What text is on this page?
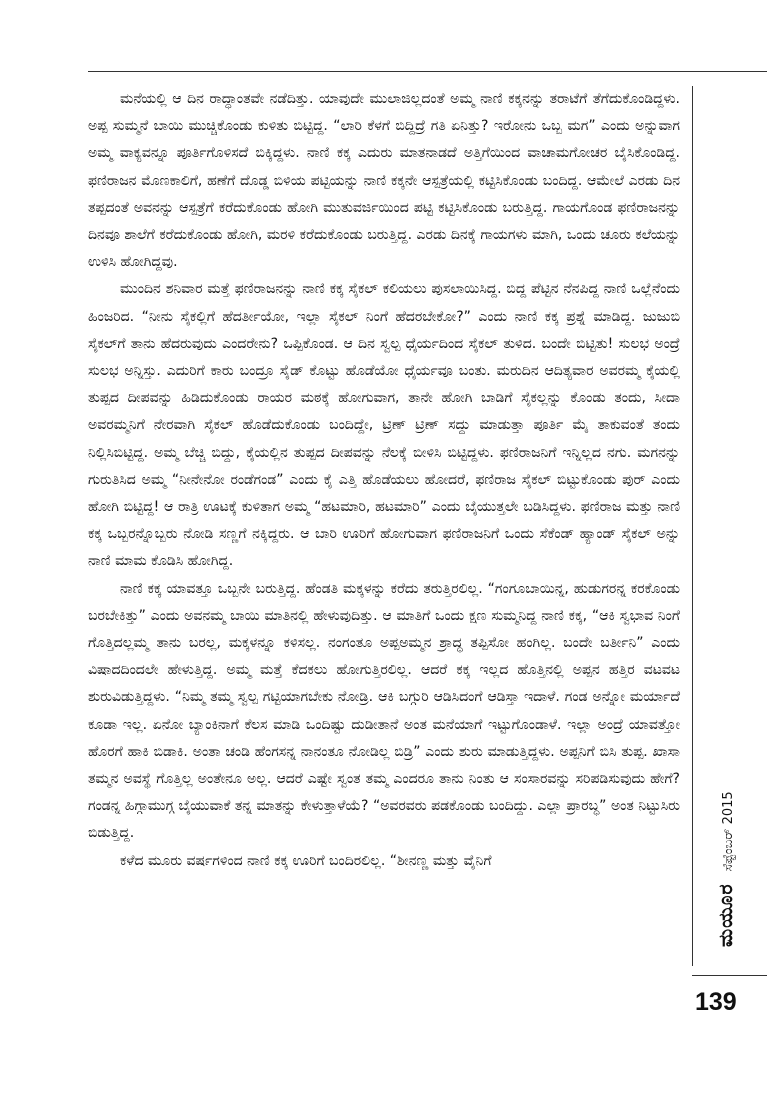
ಮನೆಯಲ್ಲಿ ಆ ದಿನ ರಾದ್ಧಾಂತವೇ ನಡೆದಿತ್ತು. ಯಾವುದೇ ಮುಲಾಜಿಲ್ಲದಂತೆ ಅಮ್ಮ ನಾಣಿ ಕಕ್ಕನನ್ನು ತರಾಟೆಗೆ ತೆಗೆದುಕೊಂಡಿದ್ದಳು. ಅಪ್ಪ ಸುಮ್ಮನೆ ಬಾಯಿ ಮುಚ್ಚಿಕೊಂಡು ಕುಳಿತು ಬಿಟ್ಟಿದ್ದ. “ಲಾರಿ ಕೆಳಗೆ ಬಿದ್ದಿದ್ರೆ ಗತಿ ಏನಿತ್ತು? ಇರೋನು ಒಬ್ಬ ಮಗ” ಎಂದು ಅನ್ನುವಾಗ ಅಮ್ಮ ವಾಕ್ಯವನ್ನೂ ಪೂರ್ತಿಗೊಳಿಸದೆ ಬಿಕ್ಕಿದ್ದಳು. ನಾಣಿ ಕಕ್ಕ ಎದುರು ಮಾತನಾಡದೆ ಅತ್ತಿಗೆಯಿಂದ ವಾಚಾಮಗೋಚರ ಬೈಸಿಕೊಂಡಿದ್ದ. ಫಣಿರಾಜನ ಮೊಣಕಾಲಿಗೆ, ಹಣೆಗೆ ದೊಡ್ಡ ಬಿಳಿಯ ಪಟ್ಟಿಯನ್ನು ನಾಣಿ ಕಕ್ಕನೇ ಆಸ್ಪತ್ರೆಯಲ್ಲಿ ಕಟ್ಟಿಸಿಕೊಂಡು ಬಂದಿದ್ದ. ಆಮೇಲೆ ಎರಡು ದಿನ ತಪ್ಪದಂತೆ ಅವನನ್ನು ಆಸ್ಪತ್ರೆಗೆ ಕರೆದುಕೊಂಡು ಹೋಗಿ ಮುತುವರ್ಜಿಯಿಂದ ಪಟ್ಟಿ ಕಟ್ಟಿಸಿಕೊಂಡು ಬರುತ್ತಿದ್ದ. ಗಾಯಗೊಂಡ ಫಣಿರಾಜನನ್ನು ದಿನವೂ ಶಾಲೆಗೆ ಕರೆದುಕೊಂಡು ಹೋಗಿ, ಮರಳಿ ಕರೆದುಕೊಂಡು ಬರುತ್ತಿದ್ದ. ಎರಡು ದಿನಕ್ಕೆ ಗಾಯಗಳು ಮಾಗಿ, ಒಂದು ಚೂರು ಕಲೆಯನ್ನು ಉಳಿಸಿ ಹೋಗಿದ್ದವು.

ಮುಂದಿನ ಶನಿವಾರ ಮತ್ತೆ ಫಣಿರಾಜನನ್ನು ನಾಣಿ ಕಕ್ಕ ಸೈಕಲ್ ಕಲಿಯಲು ಪುಸಲಾಯಿಸಿದ್ದ. ಬಿದ್ದ ಪೆಟ್ಟಿನ ನೆನಪಿದ್ದ ನಾಣಿ ಒಲ್ಲೆನೆಂದು ಹಿಂಜರಿದ. “ನೀನು ಸೈಕಲ್ಲಿಗೆ ಹೆದರ್ತೀಯೋ, ಇಲ್ಲಾ ಸೈಕಲ್ ನಿಂಗೆ ಹೆದರಬೇಕೋ?” ಎಂದು ನಾಣಿ ಕಕ್ಕ ಪ್ರಶ್ನೆ ಮಾಡಿದ್ದ. ಜುಜುಬಿ ಸೈಕಲ್‌ಗೆ ತಾನು ಹೆದರುವುದು ಎಂದರೇನು? ಒಪ್ಪಿಕೊಂಡ. ಆ ದಿನ ಸ್ವಲ್ಪ ಧೈರ್ಯದಿಂದ ಸೈಕಲ್ ತುಳಿದ. ಬಂದೇ ಬಿಟ್ಟಿತು! ಸುಲಭ ಅಂದ್ರೆ ಸುಲಭ ಅನ್ನಿಸ್ತು. ಎದುರಿಗೆ ಕಾರು ಬಂದ್ರೂ ಸೈಡ್ ಕೊಟ್ಟು ಹೊಡೆಯೋ ಧೈರ್ಯವೂ ಬಂತು. ಮರುದಿನ ಆದಿತ್ಯವಾರ ಅವರಮ್ಮ ಕೈಯಲ್ಲಿ ತುಪ್ಪದ ದೀಪವನ್ನು ಹಿಡಿದುಕೊಂಡು ರಾಯರ ಮಠಕ್ಕೆ ಹೋಗುವಾಗ, ತಾನೇ ಹೋಗಿ ಬಾಡಿಗೆ ಸೈಕಲ್ಲನ್ನು ಕೊಂಡು ತಂದು, ಸೀದಾ ಅವರಮ್ಮನಿಗೆ ನೇರವಾಗಿ ಸೈಕಲ್ ಹೊಡೆದುಕೊಂಡು ಬಂದಿದ್ದೇ, ಟ್ರಿಣ್ ಟ್ರಿಣ್ ಸದ್ದು ಮಾಡುತ್ತಾ ಪೂರ್ತಿ ಮೈ ತಾಕುವಂತೆ ತಂದು ನಿಲ್ಲಿಸಿಬಿಟ್ಟಿದ್ದ. ಅಮ್ಮ ಬೆಚ್ಚಿ ಬಿದ್ದು, ಕೈಯಲ್ಲಿನ ತುಪ್ಪದ ದೀಪವನ್ನು ನೆಲಕ್ಕೆ ಬೀಳಿಸಿ ಬಿಟ್ಟಿದ್ದಳು. ಫಣಿರಾಜನಿಗೆ ಇನ್ನಿಲ್ಲದ ನಗು. ಮಗನನ್ನು ಗುರುತಿಸಿದ ಅಮ್ಮ “ನೀನೇನೋ ರಂಡೆಗಂಡ” ಎಂದು ಕೈ ಎತ್ತಿ ಹೊಡೆಯಲು ಹೋದರೆ, ಫಣಿರಾಜ ಸೈಕಲ್ ಬಿಟ್ಟುಕೊಂಡು ಪುರ್ ಎಂದು ಹೋಗಿ ಬಿಟ್ಟಿದ್ದ! ಆ ರಾತ್ರಿ ಊಟಕ್ಕೆ ಕುಳಿತಾಗ ಅಮ್ಮ “ಹಟಮಾರಿ, ಹಟಮಾರಿ” ಎಂದು ಬೈಯುತ್ತಲೇ ಬಡಿಸಿದ್ದಳು. ಫಣಿರಾಜ ಮತ್ತು ನಾಣಿ ಕಕ್ಕ ಒಬ್ಬರನ್ನೊಬ್ಬರು ನೋಡಿ ಸಣ್ಣಗೆ ನಕ್ಕಿದ್ದರು. ಆ ಬಾರಿ ಊರಿಗೆ ಹೋಗುವಾಗ ಫಣಿರಾಜನಿಗೆ ಒಂದು ಸೆಕೆಂಡ್ ಹ್ಯಾಂಡ್ ಸೈಕಲ್ ಅನ್ನು ನಾಣಿ ಮಾಮ ಕೊಡಿಸಿ ಹೋಗಿದ್ದ.

ನಾಣಿ ಕಕ್ಕ ಯಾವತ್ತೂ ಒಬ್ಬನೇ ಬರುತ್ತಿದ್ದ. ಹೆಂಡತಿ ಮಕ್ಕಳನ್ನು ಕರೆದು ತರುತ್ತಿರಲಿಲ್ಲ. “ಗಂಗೂಬಾಯಿನ್ನ, ಹುಡುಗರನ್ನ ಕರಕೊಂಡು ಬರಬೇಕಿತ್ತು” ಎಂದು ಅವನಮ್ಮ ಬಾಯಿ ಮಾತಿನಲ್ಲಿ ಹೇಳುವುದಿತ್ತು. ಆ ಮಾತಿಗೆ ಒಂದು ಕ್ಷಣ ಸುಮ್ಮನಿದ್ದ ನಾಣಿ ಕಕ್ಕ, “ಆಕಿ ಸ್ವಭಾವ ನಿಂಗೆ ಗೊತ್ತಿದಲ್ಲಮ್ಮ ತಾನು ಬರಲ್ಲ, ಮಕ್ಕಳನ್ನೂ ಕಳಿಸಲ್ಲ. ನಂಗಂತೂ ಅಪ್ಪಅಮ್ಮನ ಶ್ರಾದ್ಧ ತಪ್ಪಿಸೋ ಹಂಗಿಲ್ಲ. ಬಂದೇ ಬರ್ತೀನಿ” ಎಂದು ವಿಷಾದದಿಂದಲೇ ಹೇಳುತ್ತಿದ್ದ. ಅಮ್ಮ ಮತ್ತೆ ಕೆದಕಲು ಹೋಗುತ್ತಿರಲಿಲ್ಲ. ಆದರೆ ಕಕ್ಕ ಇಲ್ಲದ ಹೊತ್ತಿನಲ್ಲಿ ಅಪ್ಪನ ಹತ್ತಿರ ವಟವಟ ಶುರುವಿಡುತ್ತಿದ್ದಳು. “ನಿಮ್ಮ ತಮ್ಮ ಸ್ವಲ್ಪ ಗಟ್ಟಿಯಾಗಬೇಕು ನೋಡ್ರಿ. ಆಕಿ ಬಗ್ಗುರಿ ಆಡಿಸಿದಂಗೆ ಆಡಿಸ್ತಾ ಇದಾಳೆ. ಗಂಡ ಅನ್ನೋ ಮರ್ಯಾದೆ ಕೂಡಾ ಇಲ್ಲ. ಏನೋ ಬ್ಯಾಂಕಿನಾಗೆ ಕೆಲಸ ಮಾಡಿ ಒಂದಿಷ್ಟು ದುಡೀತಾನೆ ಅಂತ ಮನೆಯಾಗೆ ಇಟ್ಟುಗೊಂಡಾಳೆ. ಇಲ್ಲಾ ಅಂದ್ರೆ ಯಾವತ್ತೋ ಹೊರಗೆ ಹಾಕಿ ಬಿಡಾಕಿ. ಅಂತಾ ಚಂಡಿ ಹೆಂಗಸನ್ನ ನಾನಂತೂ ನೋಡಿಲ್ಲ ಬಿಡ್ರಿ” ಎಂದು ಶುರು ಮಾಡುತ್ತಿದ್ದಳು. ಅಪ್ಪನಿಗೆ ಬಿಸಿ ತುಪ್ಪ. ಖಾಸಾ ತಮ್ಮನ ಅವಸ್ಥೆ ಗೊತ್ತಿಲ್ಲ ಅಂತೇನೂ ಅಲ್ಲ. ಆದರೆ ಎಷ್ಟೇ ಸ್ವಂತ ತಮ್ಮ ಎಂದರೂ ತಾನು ನಿಂತು ಆ ಸಂಸಾರವನ್ನು ಸರಿಪಡಿಸುವುದು ಹೇಗೆ? ಗಂಡನ್ನ ಹಿಗ್ಗಾಮುಗ್ಗ ಬೈಯುವಾಕೆ ತನ್ನ ಮಾತನ್ನು ಕೇಳುತ್ತಾಳೆಯೆ? “ಅವರವರು ಪಡಕೊಂಡು ಬಂದಿದ್ದು. ಎಲ್ಲಾ ಪ್ರಾರಬ್ಧ” ಅಂತ ನಿಟ್ಟುಸಿರು ಬಿಡುತ್ತಿದ್ದ.

ಕಳೆದ ಮೂರು ವರ್ಷಗಳಿಂದ ನಾಣಿ ಕಕ್ಕ ಊರಿಗೆ ಬಂದಿರಲಿಲ್ಲ. “ಶೀನಣ್ಣ ಮತ್ತು ವೈನಿಗೆ

ಮಯೂರಸೆಪ್ಟೆಂಬರ್ 2015
139
